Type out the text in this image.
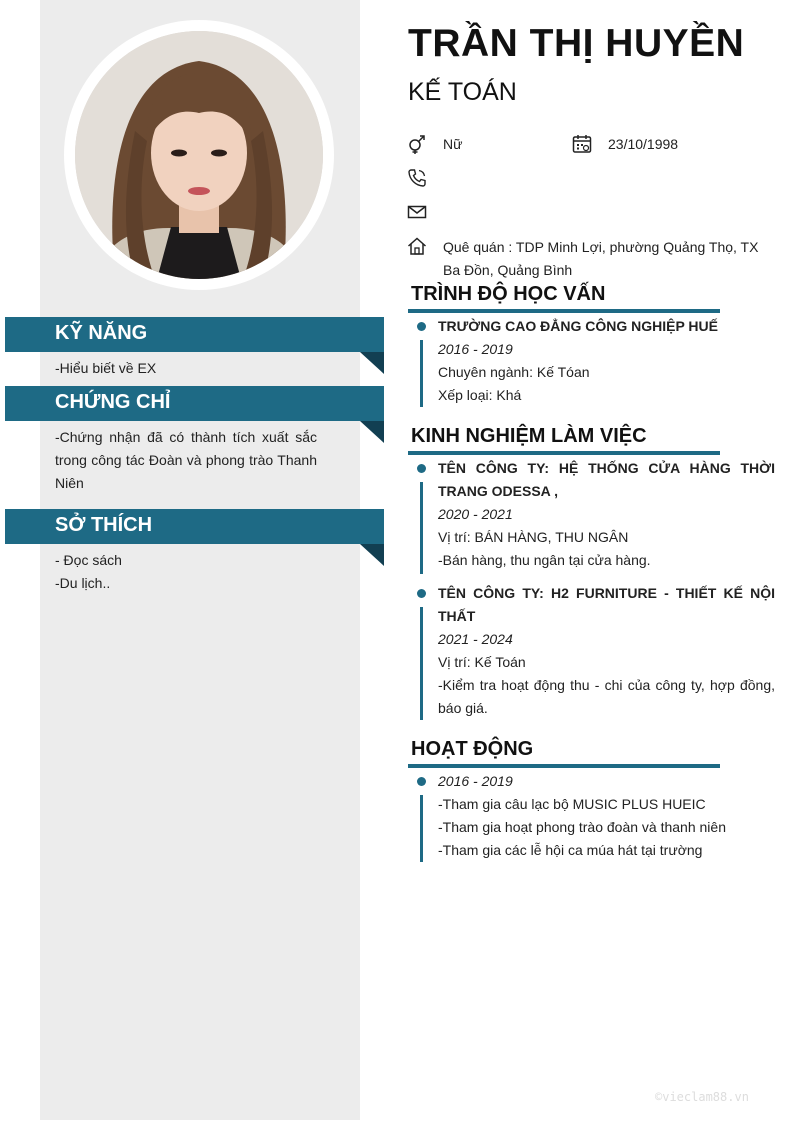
KỸ NĂNG
-Hiểu biết về EX
CHỨNG CHỈ
-Chứng nhận đã có thành tích xuất sắc trong công tác Đoàn và phong trào Thanh Niên
SỞ THÍCH
- Đọc sách
-Du lịch..
TRẦN THỊ HUYỀN
KẾ TOÁN
Nữ	23/10/1998
Quê quán : TDP Minh Lợi, phường Quảng Thọ, TX
Ba Đồn, Quảng Bình
TRÌNH ĐỘ HỌC VẤN
TRƯỜNG CAO ĐẲNG CÔNG NGHIỆP HUẾ
2016 - 2019
Chuyên ngành: Kế Tóan
Xếp loại: Khá
KINH NGHIỆM LÀM VIỆC
TÊN CÔNG TY: HỆ THỐNG CỬA HÀNG THỜI
TRANG ODESSA ,
2020 - 2021
Vị trí: BÁN HÀNG, THU NGÂN
-Bán hàng, thu ngân tại cửa hàng.
TÊN CÔNG TY: H2 FURNITURE - THIẾT KẾ NỘI
THẤT
2021 - 2024
Vị trí: Kế Toán
-Kiểm tra hoạt động thu - chi của công ty, hợp đồng,
báo giá.
HOẠT ĐỘNG
2016 - 2019
-Tham gia câu lạc bộ MUSIC PLUS HUEIC
-Tham gia hoạt phong trào đoàn và thanh niên
-Tham gia các lễ hội ca múa hát tại trường
©vieclam88.vn
